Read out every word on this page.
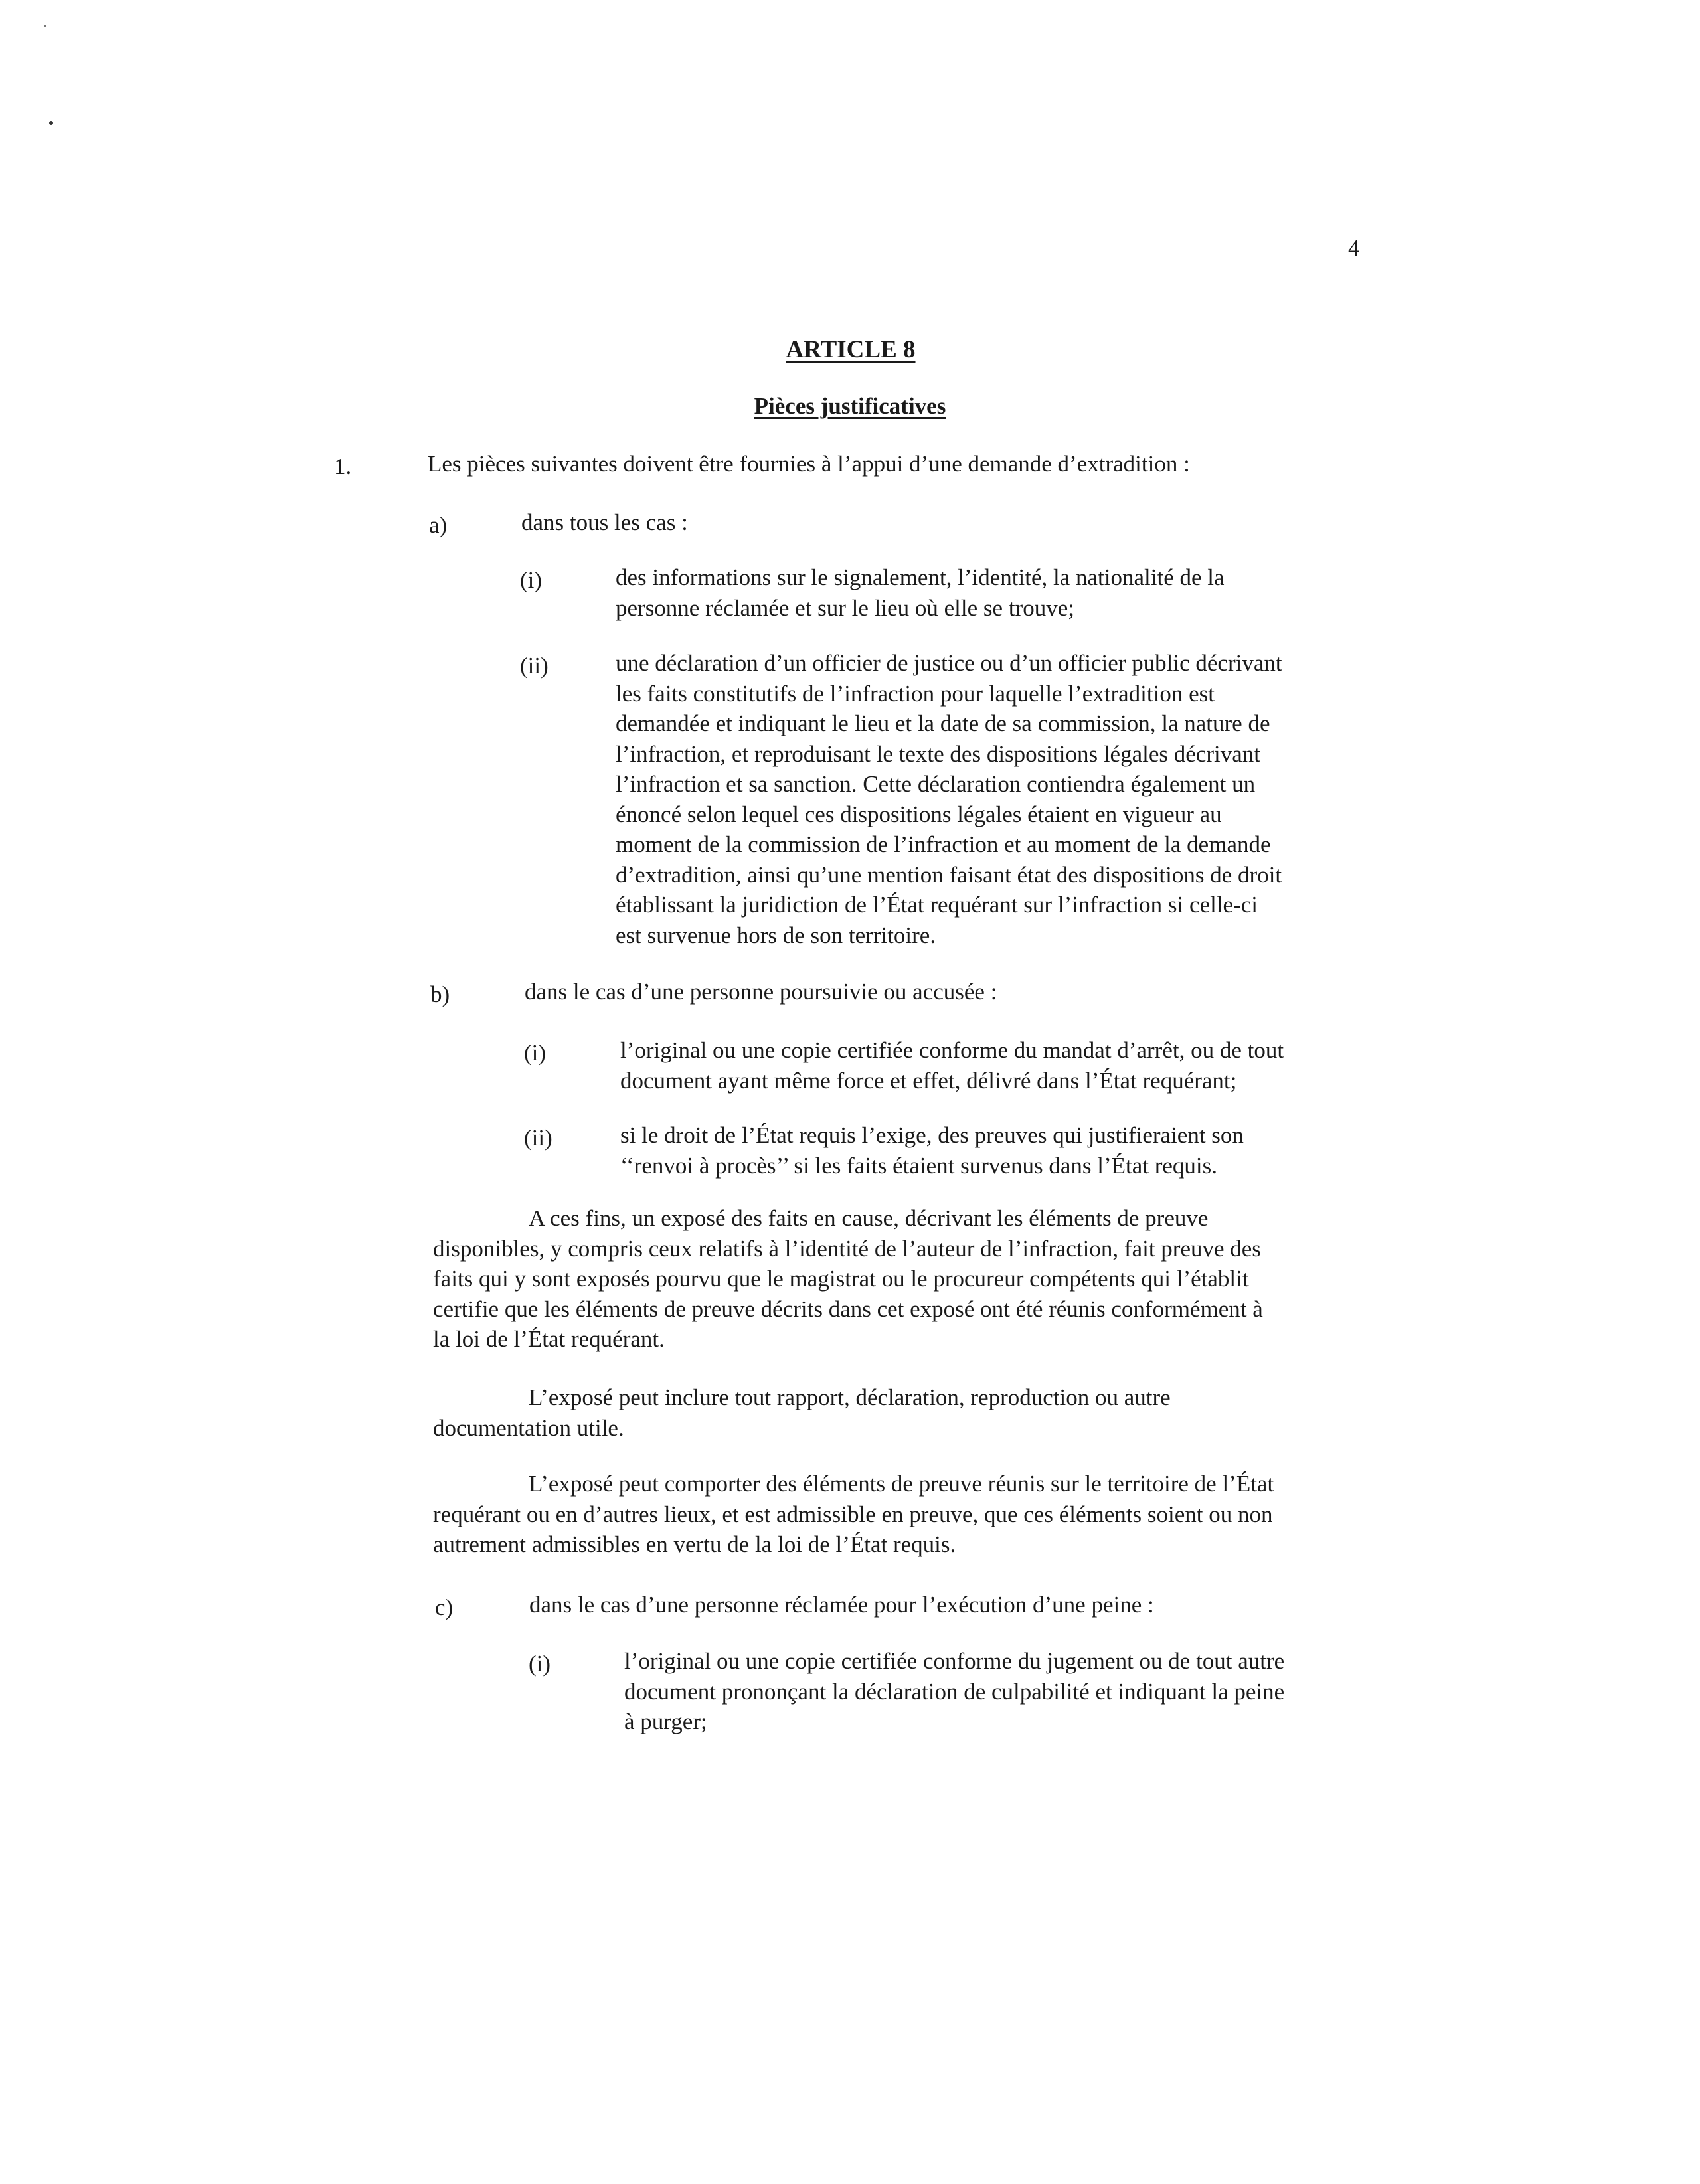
4
ARTICLE 8
Pièces justificatives
1.	Les pièces suivantes doivent être fournies à l’appui d’une demande d’extradition :
a)	dans tous les cas :
(i)	des informations sur le signalement, l’identité, la nationalité de la
personne réclamée et sur le lieu où elle se trouve;
(ii)	une déclaration d’un officier de justice ou d’un officier public décrivant
les faits constitutifs de l’infraction pour laquelle l’extradition est
demandée et indiquant le lieu et la date de sa commission, la nature de
l’infraction, et reproduisant le texte des dispositions légales décrivant
l’infraction et sa sanction. Cette déclaration contiendra également un
énoncé selon lequel ces dispositions légales étaient en vigueur au
moment de la commission de l’infraction et au moment de la demande
d’extradition, ainsi qu’une mention faisant état des dispositions de droit
établissant la juridiction de l’État requérant sur l’infraction si celle-ci
est survenue hors de son territoire.
b)	dans le cas d’une personne poursuivie ou accusée :
(i)	l’original ou une copie certifiée conforme du mandat d’arrêt, ou de tout
document ayant même force et effet, délivré dans l’État requérant;
(ii)	si le droit de l’État requis l’exige, des preuves qui justifieraient son
‘‘renvoi à procès’’ si les faits étaient survenus dans l’État requis.
A ces fins, un exposé des faits en cause, décrivant les éléments de preuve
disponibles, y compris ceux relatifs à l’identité de l’auteur de l’infraction, fait preuve des
faits qui y sont exposés pourvu que le magistrat ou le procureur compétents qui l’établit
certifie que les éléments de preuve décrits dans cet exposé ont été réunis conformément à
la loi de l’État requérant.
L’exposé peut inclure tout rapport, déclaration, reproduction ou autre
documentation utile.
L’exposé peut comporter des éléments de preuve réunis sur le territoire de l’État
requérant ou en d’autres lieux, et est admissible en preuve, que ces éléments soient ou non
autrement admissibles en vertu de la loi de l’État requis.
c)	dans le cas d’une personne réclamée pour l’exécution d’une peine :
(i)	l’original ou une copie certifiée conforme du jugement ou de tout autre
document prononçant la déclaration de culpabilité et indiquant la peine
à purger;
